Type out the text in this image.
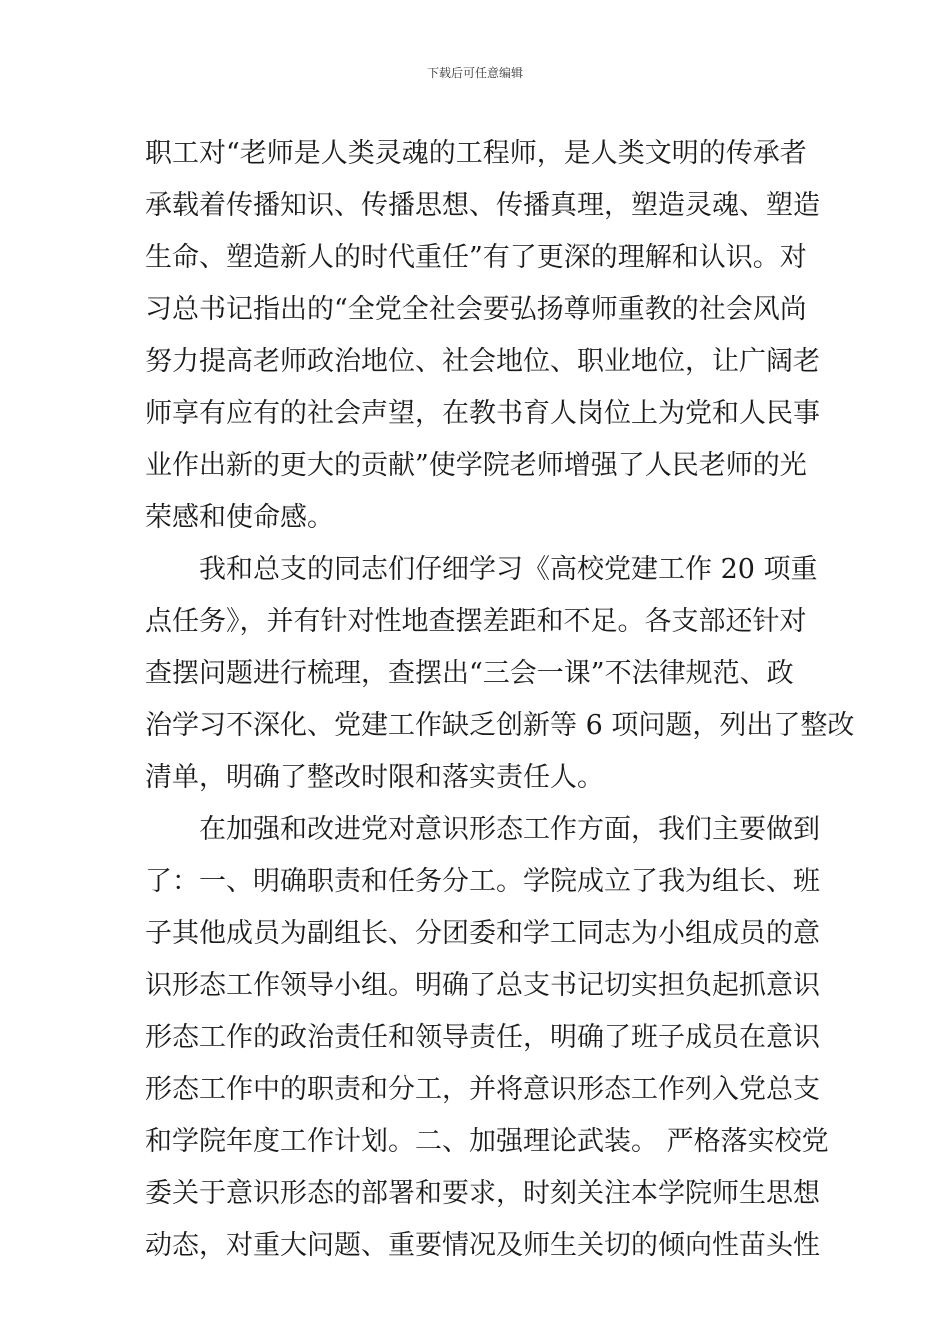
下载后可任意编辑
职工对“老师是人类灵魂的工程师，是人类文明的传承者
承载着传播知识、传播思想、传播真理，塑造灵魂、塑造
生命、塑造新人的时代重任”有了更深的理解和认识。对
习总书记指出的“全党全社会要弘扬尊师重教的社会风尚
努力提高老师政治地位、社会地位、职业地位，让广阔老
师享有应有的社会声望，在教书育人岗位上为党和人民事
业作出新的更大的贡献”使学院老师增强了人民老师的光
荣感和使命感。
　　我和总支的同志们仔细学习《高校党建工作 20 项重
点任务》，并有针对性地查摆差距和不足。各支部还针对
查摆问题进行梳理，查摆出“三会一课”不法律规范、政
治学习不深化、党建工作缺乏创新等 6 项问题，列出了整改
清单，明确了整改时限和落实责任人。
　　在加强和改进党对意识形态工作方面，我们主要做到
了：一、明确职责和任务分工。学院成立了我为组长、班
子其他成员为副组长、分团委和学工同志为小组成员的意
识形态工作领导小组。明确了总支书记切实担负起抓意识
形态工作的政治责任和领导责任，明确了班子成员在意识
形态工作中的职责和分工，并将意识形态工作列入党总支
和学院年度工作计划。二、加强理论武装。 严格落实校党
委关于意识形态的部署和要求，时刻关注本学院师生思想
动态，对重大问题、重要情况及师生关切的倾向性苗头性
